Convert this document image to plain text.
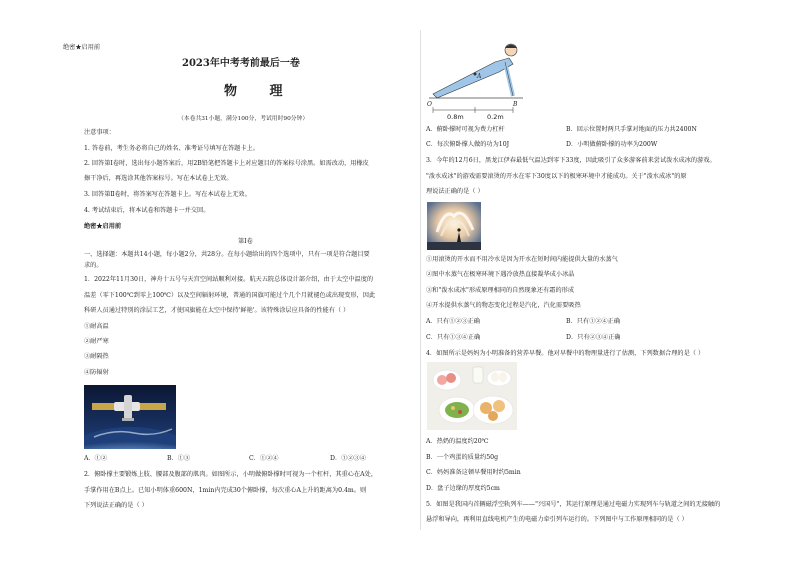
绝密★启用前
2023年中考考前最后一卷
物 理
（本卷共31小题，满分100分，考试用时90分钟）
注意事项：
1. 答卷前，考生务必将自己的姓名、准考证号填写在答题卡上。
2. 回答第Ⅰ卷时，选出每小题答案后，用2B铅笔把答题卡上对应题目的答案标号涂黑。如需改动，用橡皮
擦干净后，再选涂其他答案标号。写在本试卷上无效。
3. 回答第Ⅱ卷时，将答案写在答题卡上。写在本试卷上无效。
4. 考试结束后，将本试卷和答题卡一并交回。
绝密★启用前
第Ⅰ卷
一、选择题：本题共14小题，每小题2分，共28分。在每小题给出的四个选项中，只有一项是符合题目要
求的。
1．2022年11月30日，神舟十五号与天宫空间站顺利对接。航天五院总体设计部介绍，由于太空中温度的
温差（零下100℃到零上100℃）以及空间辐射环境，普通的国旗可能过个几个月就褪色或出现变形，因此
科研人员通过特别的涂层工艺，才使国旗能在太空中保持'鲜艳'。该特殊涂层应具备的性能有（ ）
①耐高温
②耐严寒
③耐隔热
④防辐射
A．①②	B．①③	C．①②④	D．①②③④
2．俯卧撑主要锻炼上肢、腰部及腹部的肌肉。如图所示，小明做俯卧撑时可视为一个杠杆，其重心在A处，
手掌作用在B点上。已知小明体重600N，1min内完成30个俯卧撑，每次重心A上升的距离为0.4m。则
下列说法正确的是（ ）
A
O	B
0.8m	0.2m
A．俯卧撑时可视为费力杠杆	B．回示位置时两只手掌对地面的压力共2400N
C．每次俯卧撑人做的功为10J	D．小明做俯卧撑的功率为200W
3．今年的12月6日，黑龙江伊春最低气温达到零下33度，因此吸引了众多游客前来尝试泼水成冰的游戏。
"泼水成冰"的游戏需要滚烫的开水在零下30度以下的极寒环境中才能成功。关于"泼水成冰"的原
理说法正确的是（ ）
①用滚烫的开水而不用冷水是因为开水在短时间内能提供大量的水蒸气
②图中水蒸气在极寒环境下遇冷放热直接凝华成小冰晶
③和"泼水成冰"形成原理相同的自然现象还有霜的形成
④开水提供水蒸气的物态变化过程是汽化，汽化需要吸热
A．只有①②③正确	B．只有①②④正确
C．只有①③④正确	D．只有②③④正确
4．如图所示是妈妈为小明准备的营养早餐。他对早餐中的物理量进行了估测，下列数据合理的是（ ）
A．热奶的温度约20℃
B．一个鸡蛋的质量约50g
C．妈妈准备这顿早餐用时约5min
D．盘子边缘的厚度约5cm
5．如图是我国内首辆磁浮空轨列车——"兴国号"，其运行原理是通过电磁力实现列车与轨道之间的无接触的
悬浮和导向，再利用直线电机产生的电磁力牵引列车运行的。下列图中与工作原理相同的是（ ）
